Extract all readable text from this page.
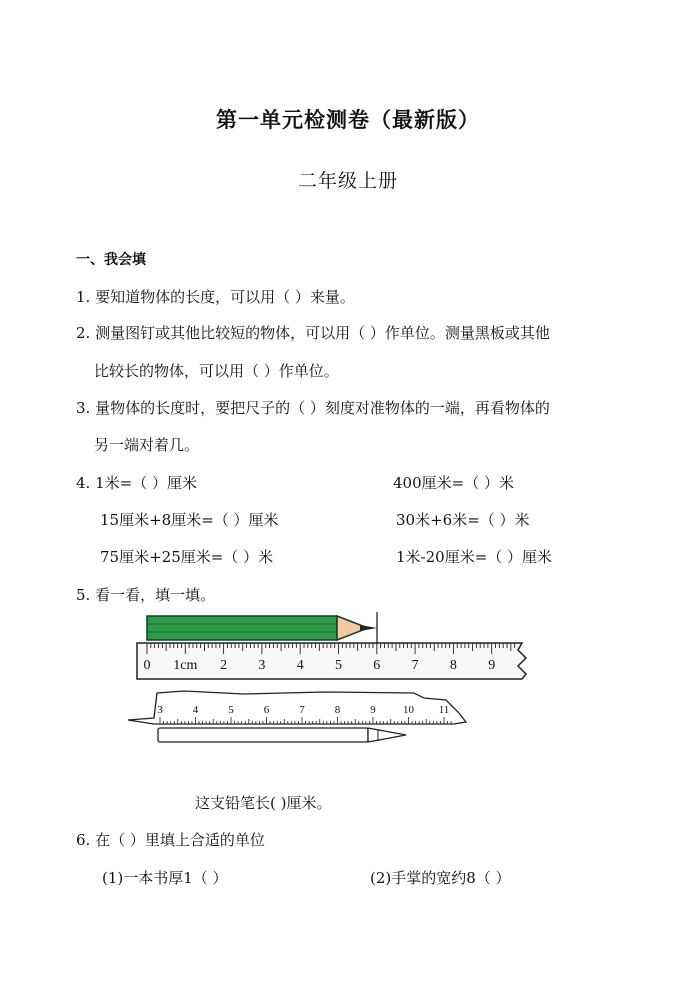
第一单元检测卷（最新版）
二年级上册
一、我会填
1. 要知道物体的长度，可以用（ ）来量。
2. 测量图钉或其他比较短的物体，可以用（ ）作单位。测量黑板或其他
比较长的物体，可以用（ ）作单位。
3. 量物体的长度时，要把尺子的（ ）刻度对准物体的一端，再看物体的
另一端对着几。
4. 1米=（ ）厘米	400厘米=（ ）米
15厘米+8厘米=（ ）厘米	30米+6米=（ ）米
75厘米+25厘米=（ ）米	1米-20厘米=（ ）厘米
5. 看一看，填一填。
0 1cm 2 3 4 5 6 7 8 9
3	4	5	6	7	8	9 10 11
这支铅笔长( )厘米。
6. 在（ ）里填上合适的单位
(1)一本书厚1（ ）	(2)手掌的宽约8（ ）
